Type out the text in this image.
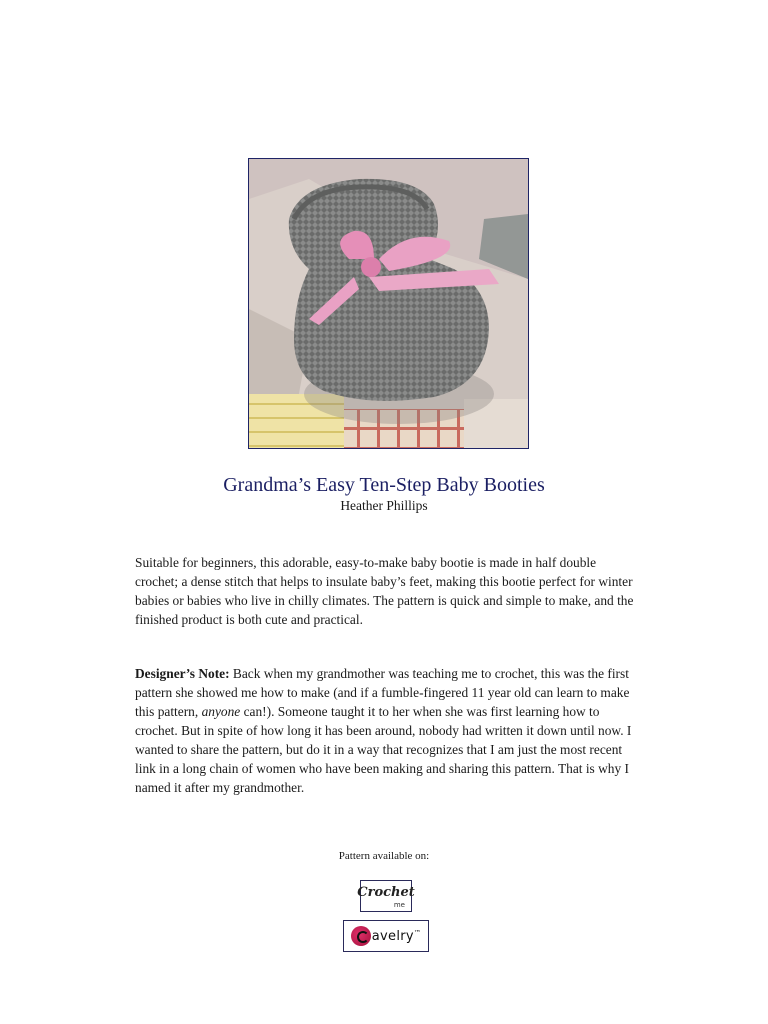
Grandma’s Easy Ten-Step Baby Booties
Heather Phillips

Suitable for beginners, this adorable, easy-to-make baby bootie is made in half double crochet; a dense stitch that helps to insulate baby’s feet, making this bootie perfect for winter babies or babies who live in chilly climates. The pattern is quick and simple to make, and the finished product is both cute and practical.

Designer’s Note: Back when my grandmother was teaching me to crochet, this was the first pattern she showed me how to make (and if a fumble-fingered 11 year old can learn to make this pattern, anyone can!). Someone taught it to her when she was first learning how to crochet. But in spite of how long it has been around, nobody had written it down until now. I wanted to share the pattern, but do it in a way that recognizes that I am just the most recent link in a long chain of women who have been making and sharing this pattern. That is why I named it after my grandmother.

Pattern available on:
Crochet
me
avelry ™
